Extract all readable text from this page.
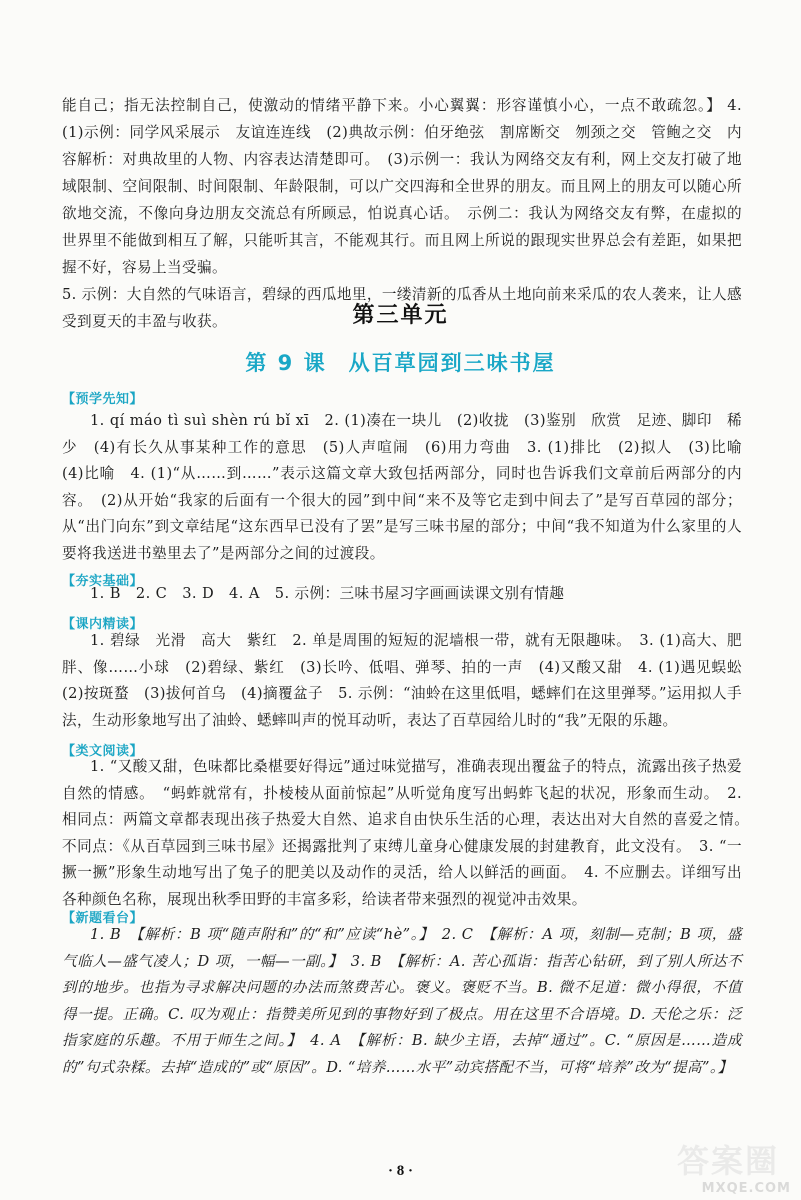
能自己；指无法控制自己，使激动的情绪平静下来。小心翼翼：形容谨慎小心，一点不敢疏忽。】 4. (1)示例：同学风采展示　友谊连连线　(2)典故示例：伯牙绝弦　割席断交　刎颈之交　管鲍之交　内容解析：对典故里的人物、内容表达清楚即可。　(3)示例一：我认为网络交友有利，网上交友打破了地域限制、空间限制、时间限制、年龄限制，可以广交四海和全世界的朋友。而且网上的朋友可以随心所欲地交流，不像向身边朋友交流总有所顾忌，怕说真心话。　示例二：我认为网络交友有弊，在虚拟的世界里不能做到相互了解，只能听其言，不能观其行。而且网上所说的跟现实世界总会有差距，如果把握不好，容易上当受骗。

5. 示例：大自然的气味语言，碧绿的西瓜地里，一缕清新的瓜香从土地向前来采瓜的农人袭来，让人感受到夏天的丰盈与收获。	第三单元
第 9 课 从百草园到三味书屋
【预学先知】
1. qí máo tì suì shèn rú bǐ xī　2. (1)凑在一块儿　(2)收拢　(3)鉴别　欣赏　足迹、脚印　稀少　(4)有长久从事某种工作的意思　(5)人声喧闹　(6)用力弯曲　3. (1)排比　(2)拟人　(3)比喻　(4)比喻　4. (1)“从……到……”表示这篇文章大致包括两部分，同时也告诉我们文章前后两部分的内容。　(2)从开始“我家的后面有一个很大的园”到中间“来不及等它走到中间去了”是写百草园的部分；从“出门向东”到文章结尾“这东西早已没有了罢”是写三味书屋的部分；中间“我不知道为什么家里的人要将我送进书塾里去了”是两部分之间的过渡段。
【夯实基础】
1. B　2. C　3. D　4. A　5. 示例：三味书屋习字画画读课文别有情趣
【课内精读】
1. 碧绿　光滑　高大　紫红　2. 单是周围的短短的泥墙根一带，就有无限趣味。　3. (1)高大、肥胖、像……小球　(2)碧绿、紫红　(3)长吟、低唱、弹琴、拍的一声　(4)又酸又甜　4. (1)遇见蜈蚣　(2)按斑蝥　(3)拔何首乌　(4)摘覆盆子　5. 示例：“油蛉在这里低唱，蟋蟀们在这里弹琴。”运用拟人手法，生动形象地写出了油蛉、蟋蟀叫声的悦耳动听，表达了百草园给儿时的“我”无限的乐趣。
【类文阅读】
1. “又酸又甜，色味都比桑椹要好得远”通过味觉描写，准确表现出覆盆子的特点，流露出孩子热爱自然的情感。　“蚂蚱就常有，扑棱棱从面前惊起”从听觉角度写出蚂蚱飞起的状况，形象而生动。　2. 相同点：两篇文章都表现出孩子热爱大自然、追求自由快乐生活的心理，表达出对大自然的喜爱之情。　不同点：《从百草园到三味书屋》还揭露批判了束缚儿童身心健康发展的封建教育，此文没有。　3. “一撅一撅”形象生动地写出了兔子的肥美以及动作的灵活，给人以鲜活的画面。　4. 不应删去。详细写出各种颜色名称，展现出秋季田野的丰富多彩，给读者带来强烈的视觉冲击效果。
【新题看台】
1. B　【解析：B 项“随声附和”的“和”应读“hè”。】　2. C　【解析：A 项，刻制—克制；B 项，盛气临人—盛气凌人；D 项，一幅—一副。】　3. B　【解析：A. 苦心孤诣：指苦心钻研，到了别人所达不到的地步。也指为寻求解决问题的办法而煞费苦心。褒义。褒贬不当。B. 微不足道：微小得很，不值得一提。正确。C. 叹为观止：指赞美所见到的事物好到了极点。用在这里不合语境。D. 天伦之乐：泛指家庭的乐趣。不用于师生之间。】　4. A　【解析：B. 缺少主语，去掉“通过”。C. “原因是……造成的”句式杂糅。去掉“造成的”或“原因”。D. “培养……水平”动宾搭配不当，可将“培养”改为“提高”。】
· 8 ·	答案圈
MXQE.COM
